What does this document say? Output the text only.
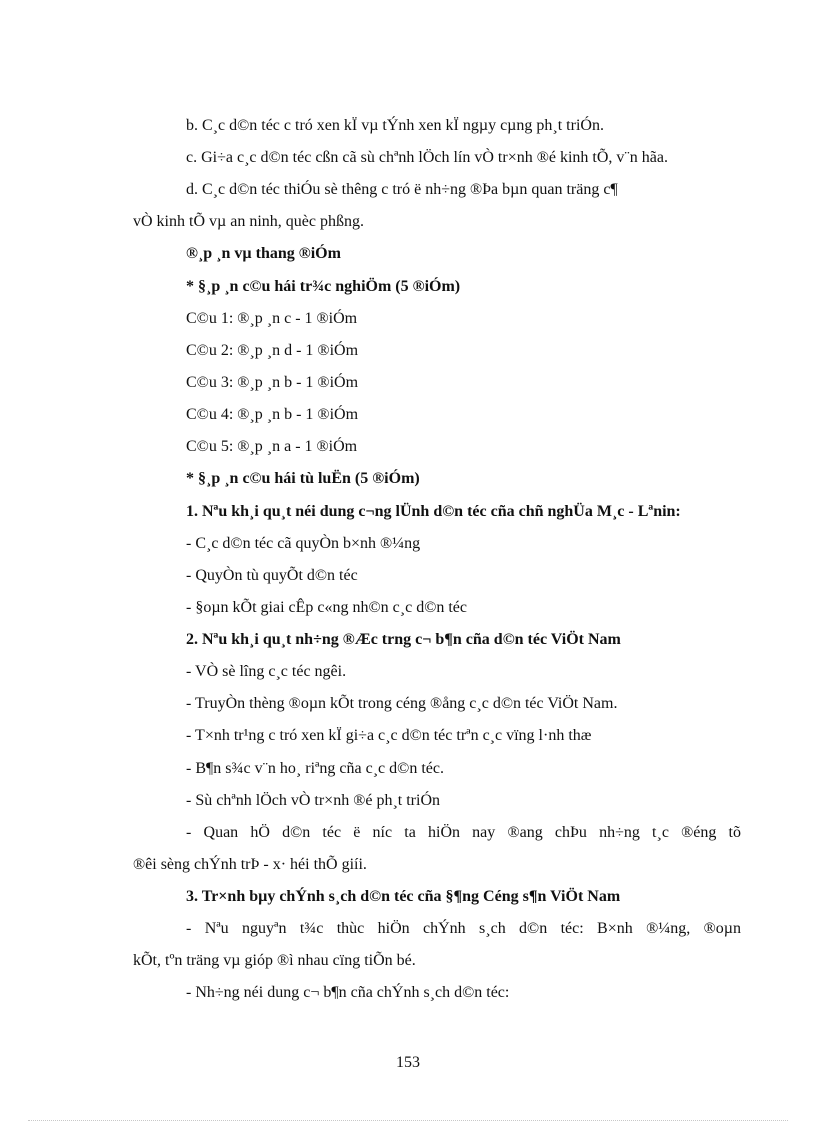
b. C¸c d©n téc c tró xen kÏ vµ tÝnh xen kÏ ngµy cµng ph¸t triÓn.
c. Gi÷a c¸c d©n téc cßn cã sù chªnh lÖch lín vÒ tr×nh ®é kinh tÕ, v¨n hãa.
d. C¸c d©n téc thiÓu sè thêng c tró ë nh÷ng ®Þa bµn quan träng c¶
vÒ kinh tÕ vµ an ninh, quèc phßng.
®¸p ¸n vµ thang ®iÓm
* §¸p ¸n c©u hái tr¾c nghiÖm (5 ®iÓm)
C©u 1: ®¸p ¸n c - 1 ®iÓm
C©u 2: ®¸p ¸n d - 1 ®iÓm
C©u 3: ®¸p ¸n b - 1 ®iÓm
C©u 4: ®¸p ¸n b - 1 ®iÓm
C©u 5: ®¸p ¸n a - 1 ®iÓm
* §¸p ¸n c©u hái tù luËn (5 ®iÓm)
1. Nªu kh¸i qu¸t néi dung c¬ng lÜnh d©n téc cña chñ nghÜa M¸c - Lªnin:
- C¸c d©n téc cã quyÒn b×nh ®¼ng
- QuyÒn tù quyÕt d©n téc
- §oµn kÕt giai cÊp c«ng nh©n c¸c d©n téc
2. Nªu kh¸i qu¸t nh÷ng ®Æc trng c¬ b¶n cña d©n téc ViÖt Nam
- VÒ sè lîng c¸c téc ngêi.
- TruyÒn thèng ®oµn kÕt trong céng ®ång c¸c d©n téc ViÖt Nam.
- T×nh tr¹ng c tró xen kÏ gi÷a c¸c d©n téc trªn c¸c vïng l·nh thæ
- B¶n s¾c v¨n ho¸ riªng cña c¸c d©n téc.
- Sù chªnh lÖch vÒ tr×nh ®é ph¸t triÓn
- Quan hÖ d©n téc ë níc ta hiÖn nay ®ang chÞu nh÷ng t¸c ®éng tõ
®êi sèng chÝnh trÞ - x· héi thÕ giíi.
3. Tr×nh bµy chÝnh s¸ch d©n téc cña §¶ng Céng s¶n ViÖt Nam
- Nªu nguyªn t¾c thùc hiÖn chÝnh s¸ch d©n téc: B×nh ®¼ng, ®oµn
kÕt, tºn träng vµ gióp ®ì nhau cïng tiÕn bé.
- Nh÷ng néi dung c¬ b¶n cña chÝnh s¸ch d©n téc:
153
